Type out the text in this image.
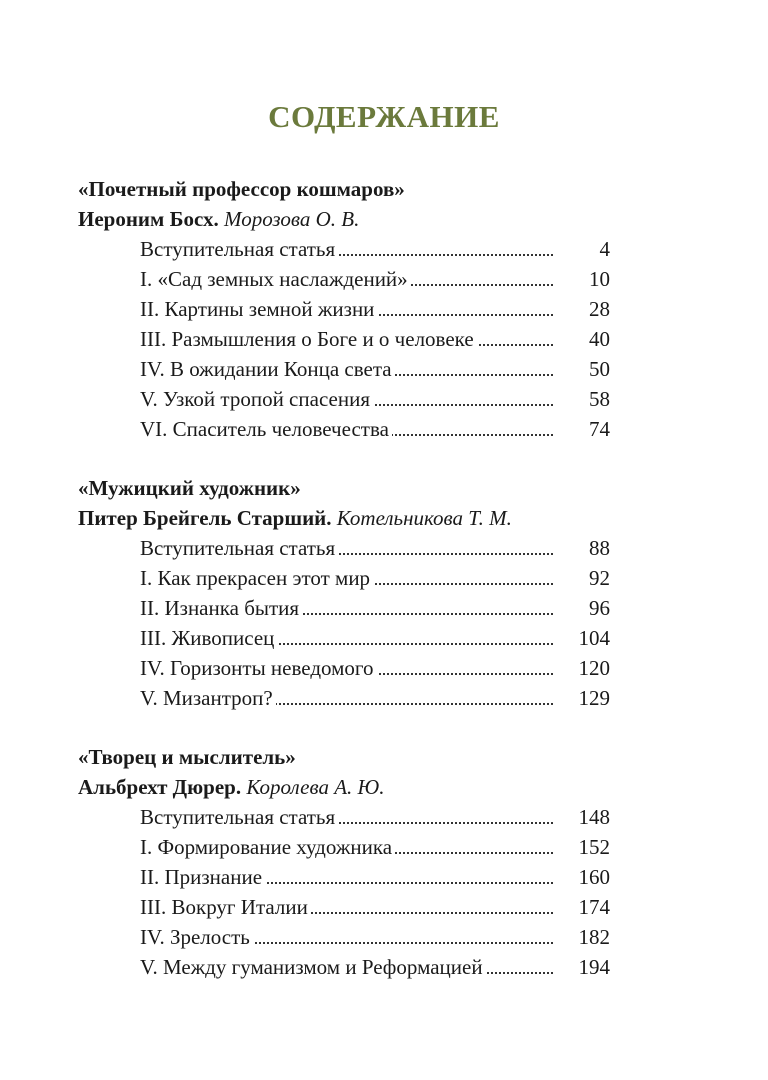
СОДЕРЖАНИЕ
«Почетный профессор кошмаров»
Иероним Босх. Морозова О. В.
Вступительная статья	4
I. «Сад земных наслаждений»	10
II. Картины земной жизни	28
III. Размышления о Боге и о человеке	40
IV. В ожидании Конца света	50
V. Узкой тропой спасения	58
VI. Спаситель человечества	74
«Мужицкий художник»
Питер Брейгель Старший. Котельникова Т. М.
Вступительная статья	88
I. Как прекрасен этот мир	92
II. Изнанка бытия	96
III. Живописец	104
IV. Горизонты неведомого	120
V. Мизантроп?	129
«Творец и мыслитель»
Альбрехт Дюрер. Королева А. Ю.
Вступительная статья	148
I. Формирование художника	152
II. Признание	160
III. Вокруг Италии	174
IV. Зрелость	182
V. Между гуманизмом и Реформацией	194
